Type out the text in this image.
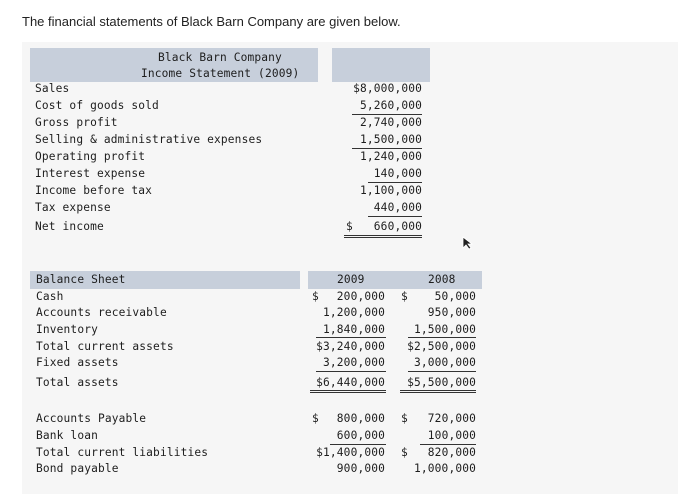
The financial statements of Black Barn Company are given below.
Black Barn Company
Income Statement (2009)
Sales	$8,000,000
Cost of goods sold	5,260,000
Gross profit	2,740,000
Selling & administrative expenses	1,500,000
Operating profit	1,240,000
Interest expense	140,000
Income before tax	1,100,000
Tax expense	440,000
Net income	$	660,000
Balance Sheet	2009	2008
Cash	$	200,000 $	50,000
Accounts receivable	1,200,000	950,000
Inventory	1,840,000	1,500,000
Total current assets	$3,240,000	$2,500,000
Fixed assets	3,200,000	3,000,000
Total assets	$6,440,000	$5,500,000
Accounts Payable	$	800,000 $	720,000
Bank loan	600,000	100,000
Total current liabilities	$1,400,000 $	820,000
Bond payable	900,000	1,000,000
